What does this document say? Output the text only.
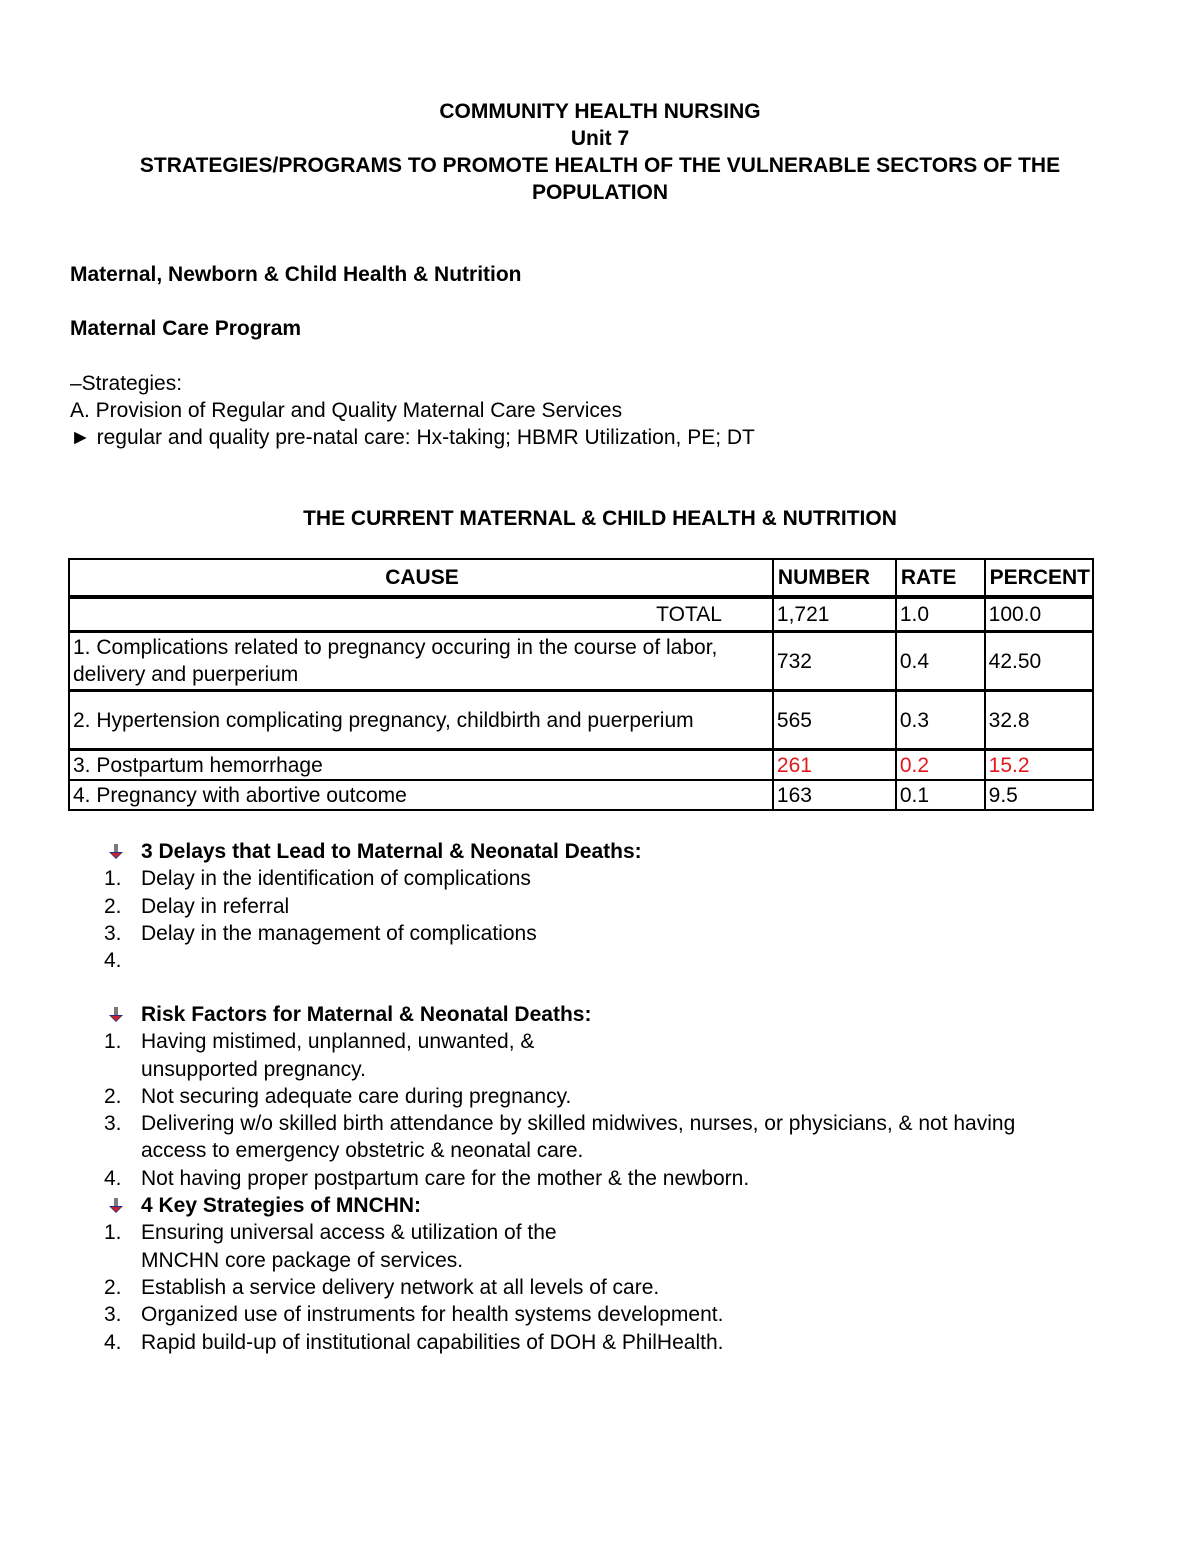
COMMUNITY HEALTH NURSING
Unit 7
STRATEGIES/PROGRAMS TO PROMOTE HEALTH OF THE VULNERABLE SECTORS OF THE
POPULATION
Maternal, Newborn & Child Health & Nutrition
Maternal Care Program
–Strategies:
A. Provision of Regular and Quality Maternal Care Services
► regular and quality pre-natal care: Hx-taking; HBMR Utilization, PE; DT
THE CURRENT MATERNAL & CHILD HEALTH & NUTRITION
CAUSE	NUMBER	RATE	PERCENT
TOTAL	1,721	1.0	100.0
1. Complications related to pregnancy occuring in the course of labor, delivery and puerperium	732	0.4	42.50
2. Hypertension complicating pregnancy, childbirth and puerperium	565	0.3	32.8
3. Postpartum hemorrhage	261	0.2	15.2
4. Pregnancy with abortive outcome	163	0.1	9.5
3 Delays that Lead to Maternal & Neonatal Deaths:
1. Delay in the identification of complications
2. Delay in referral
3. Delay in the management of complications
4.
Risk Factors for Maternal & Neonatal Deaths:
1. Having mistimed, unplanned, unwanted, &
unsupported pregnancy.
2. Not securing adequate care during pregnancy.
3. Delivering w/o skilled birth attendance by skilled midwives, nurses, or physicians, & not having
access to emergency obstetric & neonatal care.
4. Not having proper postpartum care for the mother & the newborn.
4 Key Strategies of MNCHN:
1. Ensuring universal access & utilization of the
MNCHN core package of services.
2. Establish a service delivery network at all levels of care.
3. Organized use of instruments for health systems development.
4. Rapid build-up of institutional capabilities of DOH & PhilHealth.
